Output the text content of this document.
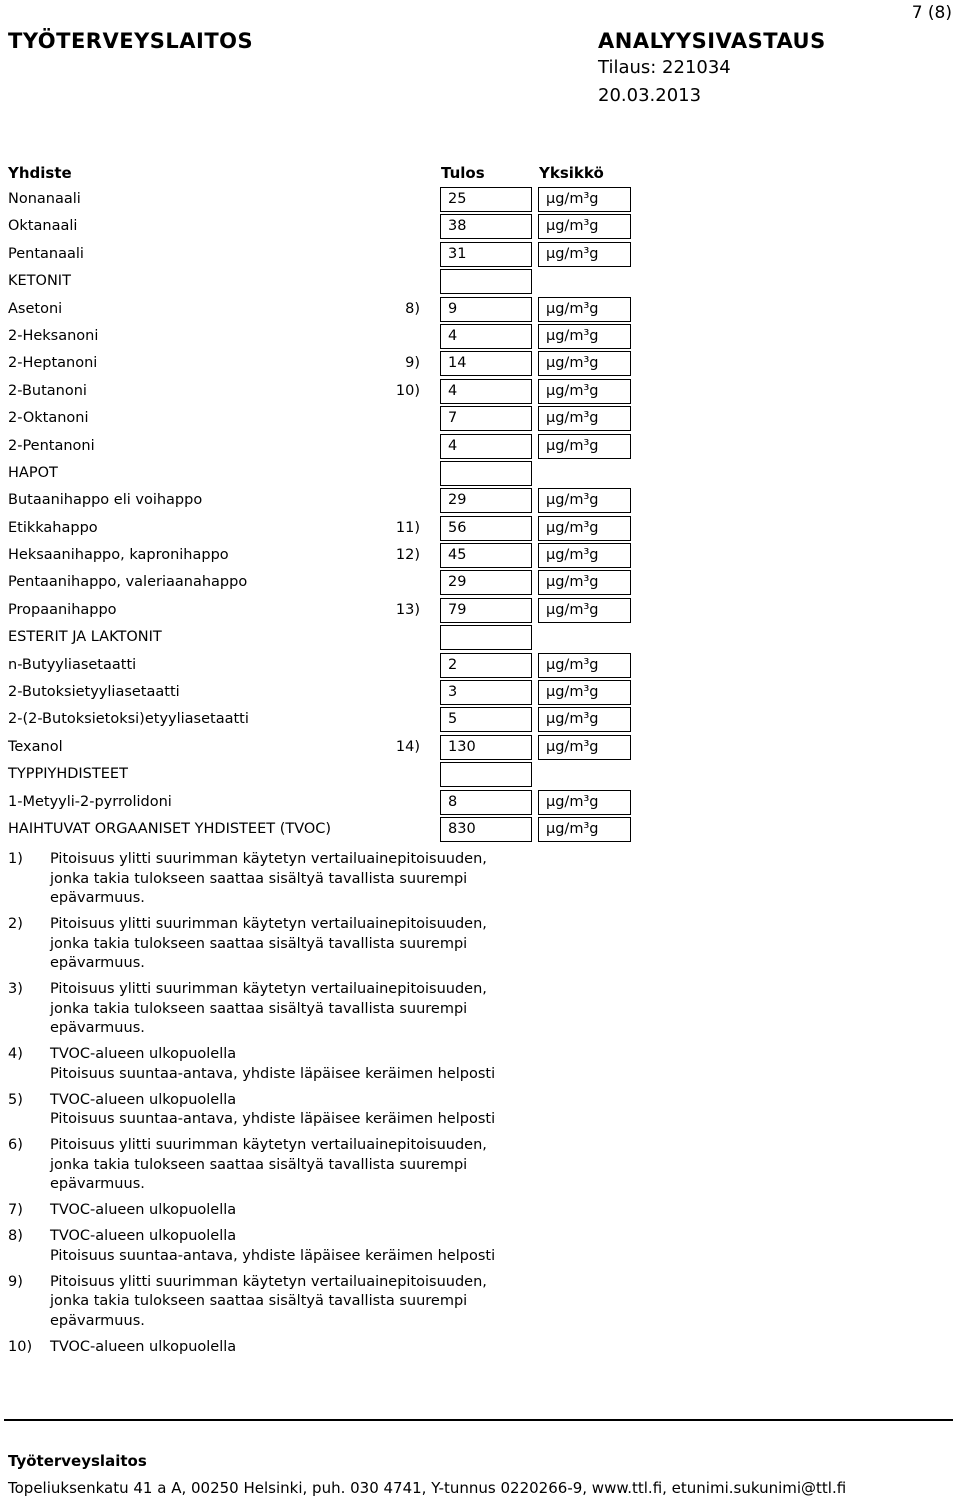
7 (8)
TYÖTERVEYSLAITOS	ANALYYSIVASTAUS
Tilaus: 221034
20.03.2013
Yhdiste	Tulos	Yksikkö
Nonanaali	25	µg/m³g
Oktanaali	38	µg/m³g
Pentanaali	31	µg/m³g
KETONIT
Asetoni	8) 9	µg/m³g
2-Heksanoni	4	µg/m³g
2-Heptanoni	9) 14	µg/m³g
2-Butanoni	10) 4	µg/m³g
2-Oktanoni	7	µg/m³g
2-Pentanoni	4	µg/m³g
HAPOT
Butaanihappo eli voihappo	29	µg/m³g
Etikkahappo	11) 56	µg/m³g
Heksaanihappo, kapronihappo	12) 45	µg/m³g
Pentaanihappo, valeriaanahappo	29	µg/m³g
Propaanihappo	13) 79	µg/m³g
ESTERIT JA LAKTONIT
n-Butyyliasetaatti	2	µg/m³g
2-Butoksietyyliasetaatti	3	µg/m³g
2-(2-Butoksietoksi)etyyliasetaatti	5	µg/m³g
Texanol	14) 130	µg/m³g
TYPPIYHDISTEET
1-Metyyli-2-pyrrolidoni	8	µg/m³g
HAIHTUVAT ORGAANISET YHDISTEET (TVOC)	830	µg/m³g
1) Pitoisuus ylitti suurimman käytetyn vertailuainepitoisuuden,
jonka takia tulokseen saattaa sisältyä tavallista suurempi
epävarmuus.
2) Pitoisuus ylitti suurimman käytetyn vertailuainepitoisuuden,
jonka takia tulokseen saattaa sisältyä tavallista suurempi
epävarmuus.
3) Pitoisuus ylitti suurimman käytetyn vertailuainepitoisuuden,
jonka takia tulokseen saattaa sisältyä tavallista suurempi
epävarmuus.
4) TVOC-alueen ulkopuolella
Pitoisuus suuntaa-antava, yhdiste läpäisee keräimen helposti
5) TVOC-alueen ulkopuolella
Pitoisuus suuntaa-antava, yhdiste läpäisee keräimen helposti
6) Pitoisuus ylitti suurimman käytetyn vertailuainepitoisuuden,
jonka takia tulokseen saattaa sisältyä tavallista suurempi
epävarmuus.
7) TVOC-alueen ulkopuolella
8) TVOC-alueen ulkopuolella
Pitoisuus suuntaa-antava, yhdiste läpäisee keräimen helposti
9) Pitoisuus ylitti suurimman käytetyn vertailuainepitoisuuden,
jonka takia tulokseen saattaa sisältyä tavallista suurempi
epävarmuus.
10) TVOC-alueen ulkopuolella
Työterveyslaitos
Topeliuksenkatu 41 a A, 00250 Helsinki, puh. 030 4741, Y-tunnus 0220266-9, www.ttl.fi, etunimi.sukunimi@ttl.fi
